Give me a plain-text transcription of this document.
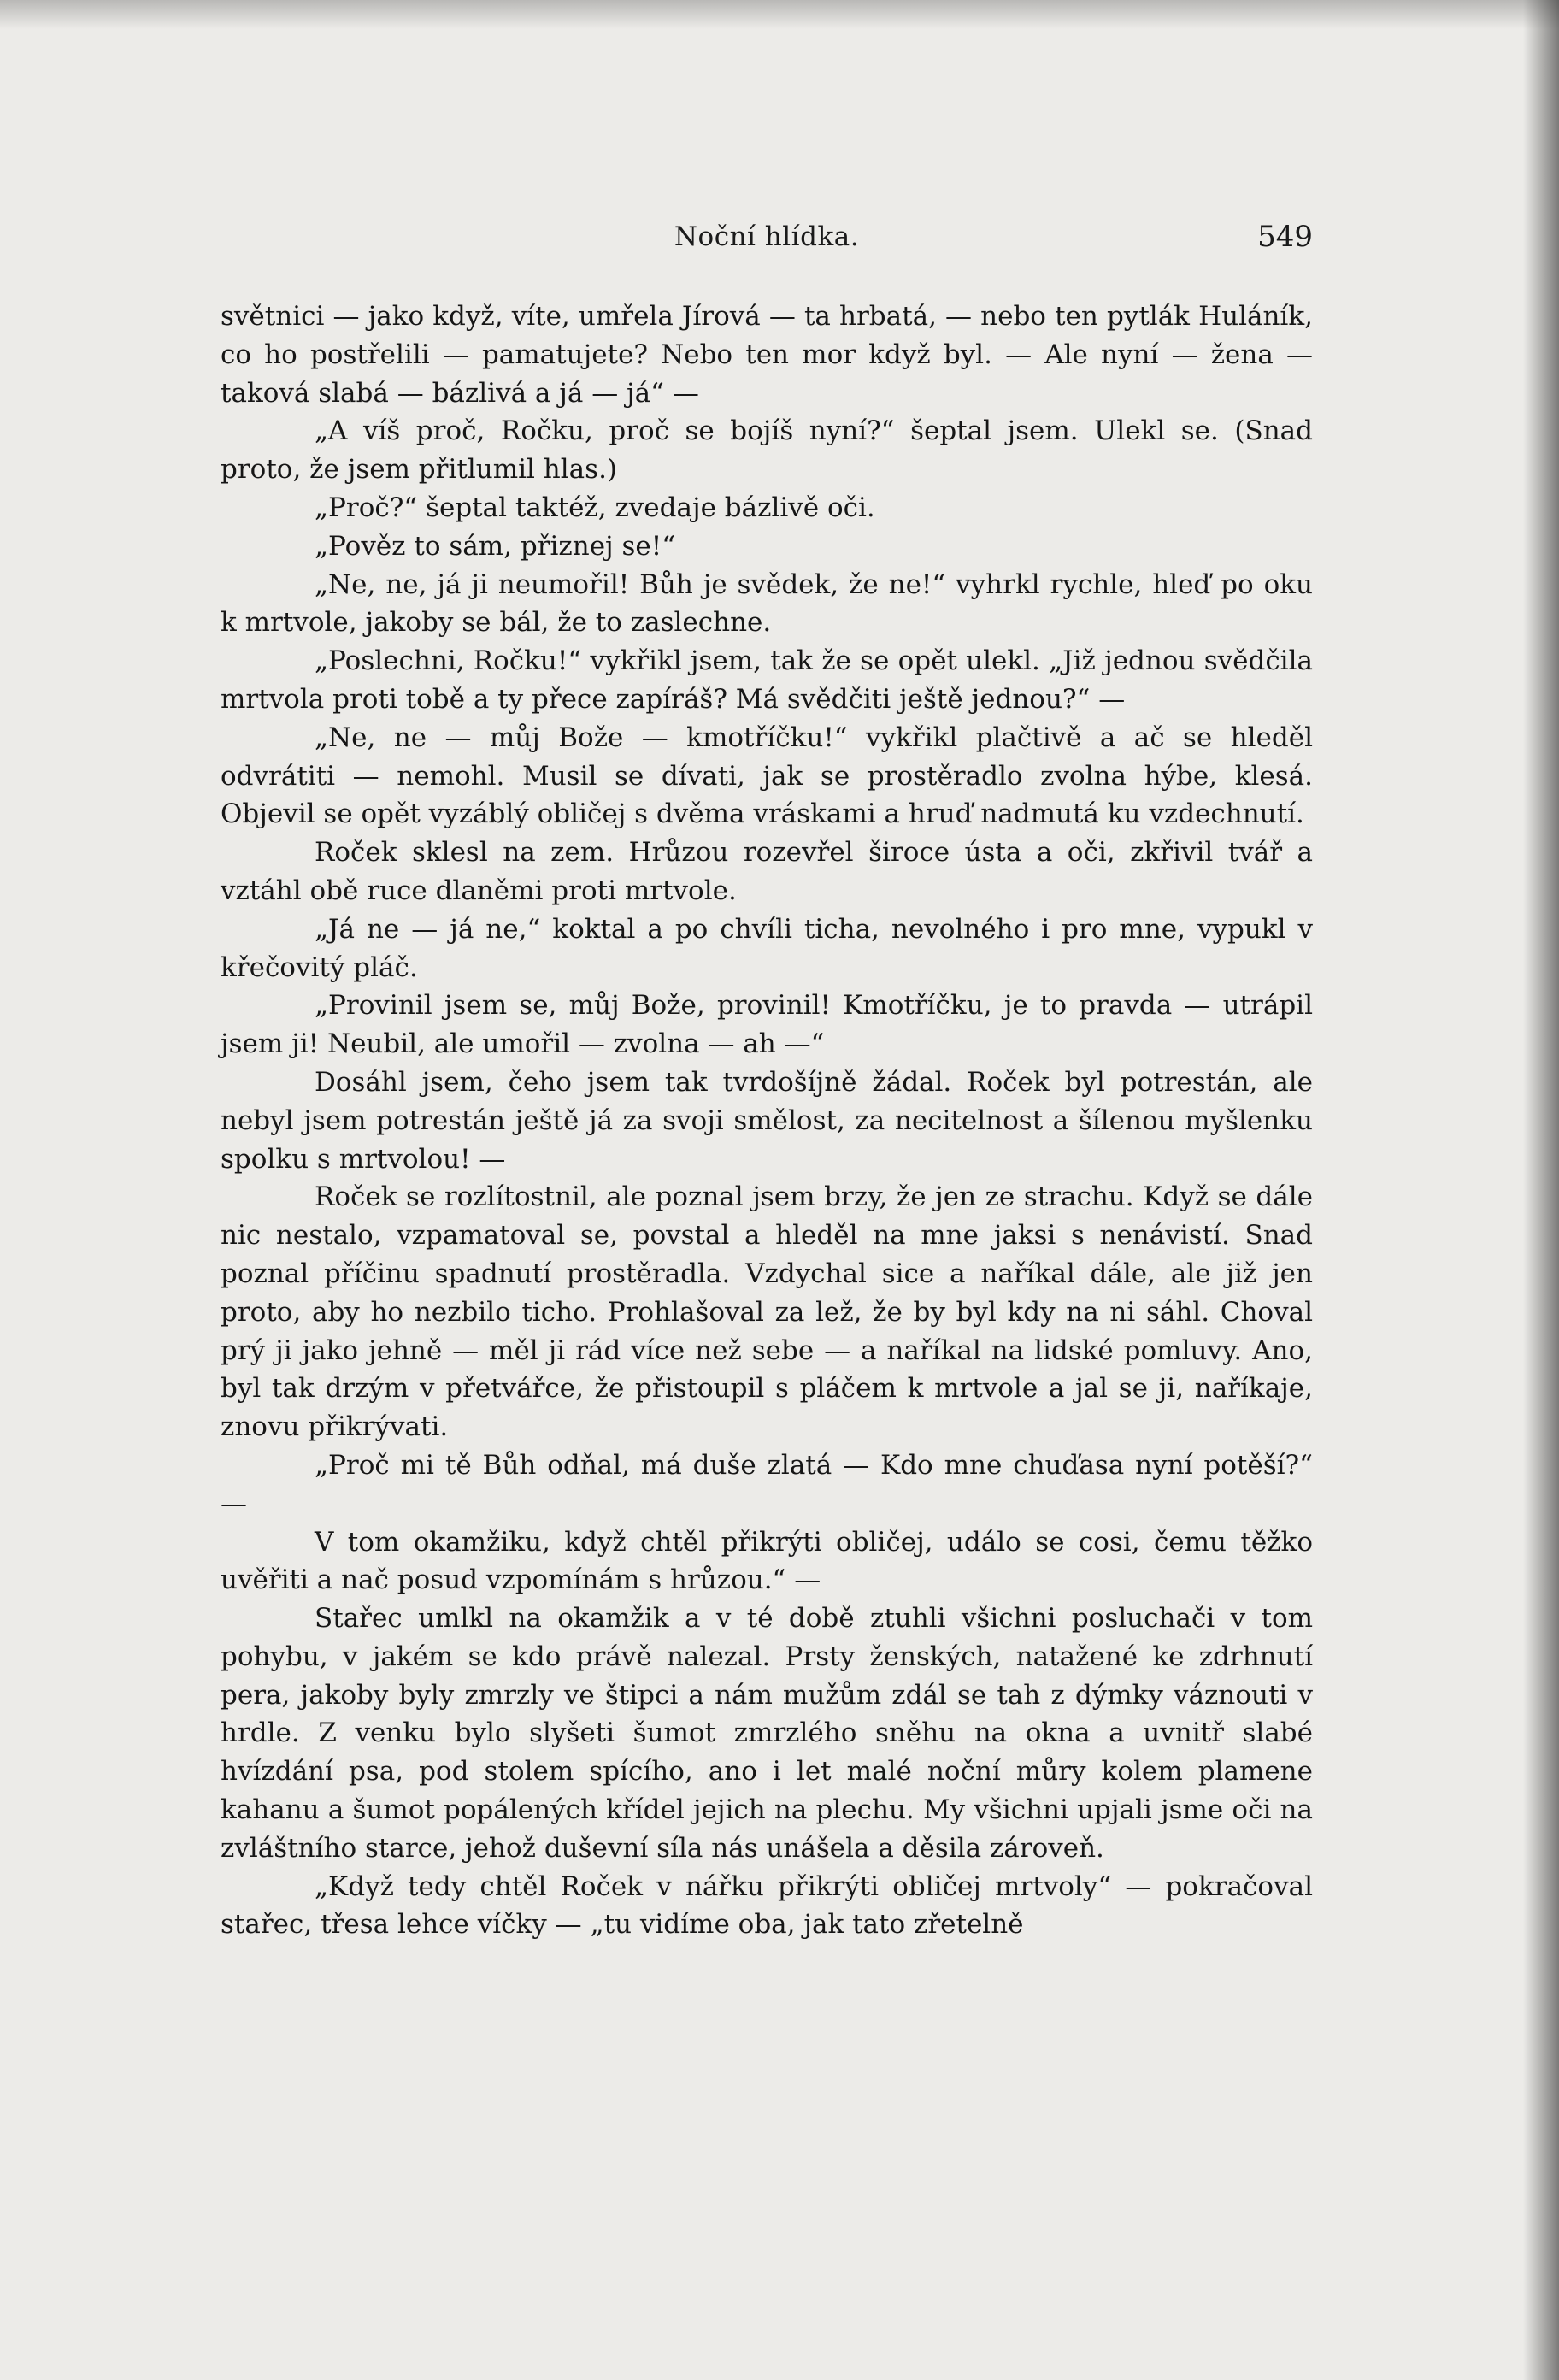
Noční hlídka.	549

světnici — jako když, víte, umřela Jírová — ta hrbatá, — nebo ten pytlák Huláník, co ho postřelili — pamatujete? Nebo ten mor když byl. — Ale nyní — žena — taková slabá — bázlivá a já — já“ —

„A víš proč, Ročku, proč se bojíš nyní?“ šeptal jsem. Ulekl se. (Snad proto, že jsem přitlumil hlas.)

„Proč?“ šeptal taktéž, zvedaje bázlivě oči.

„Pověz to sám, přiznej se!“

„Ne, ne, já ji neumořil! Bůh je svědek, že ne!“ vyhrkl rychle, hleď po oku k mrtvole, jakoby se bál, že to zaslechne.

„Poslechni, Ročku!“ vykřikl jsem, tak že se opět ulekl. „Již jednou svědčila mrtvola proti tobě a ty přece zapíráš? Má svědčiti ještě jednou?“ —

„Ne, ne — můj Bože — kmotříčku!“ vykřikl plačtivě a ač se hleděl odvrátiti — nemohl. Musil se dívati, jak se prostěradlo zvolna hýbe, klesá. Objevil se opět vyzáblý obličej s dvěma vráskami a hruď nadmutá ku vzdechnutí.

Roček sklesl na zem. Hrůzou rozevřel široce ústa a oči, zkřivil tvář a vztáhl obě ruce dlaněmi proti mrtvole.

„Já ne — já ne,“ koktal a po chvíli ticha, nevolného i pro mne, vypukl v křečovitý pláč.

„Provinil jsem se, můj Bože, provinil! Kmotříčku, je to pravda — utrápil jsem ji! Neubil, ale umořil — zvolna — ah —“

Dosáhl jsem, čeho jsem tak tvrdošíjně žádal. Roček byl potrestán, ale nebyl jsem potrestán ještě já za svoji smělost, za necitelnost a šílenou myšlenku spolku s mrtvolou! —

Roček se rozlítostnil, ale poznal jsem brzy, že jen ze strachu. Když se dále nic nestalo, vzpamatoval se, povstal a hleděl na mne jaksi s nenávistí. Snad poznal příčinu spadnutí prostěradla. Vzdychal sice a naříkal dále, ale již jen proto, aby ho nezbilo ticho. Prohlašoval za lež, že by byl kdy na ni sáhl. Choval prý ji jako jehně — měl ji rád více než sebe — a naříkal na lidské pomluvy. Ano, byl tak drzým v přetvářce, že přistoupil s pláčem k mrtvole a jal se ji, naříkaje, znovu přikrývati.

„Proč mi tě Bůh odňal, má duše zlatá — Kdo mne chuďasa nyní potěší?“ —

V tom okamžiku, když chtěl přikrýti obličej, událo se cosi, čemu těžko uvěřiti a nač posud vzpomínám s hrůzou.“ —

Stařec umlkl na okamžik a v té době ztuhli všichni posluchači v tom pohybu, v jakém se kdo právě nalezal. Prsty ženských, natažené ke zdrhnutí pera, jakoby byly zmrzly ve štipci a nám mužům zdál se tah z dýmky váznouti v hrdle. Z venku bylo slyšeti šumot zmrzlého sněhu na okna a uvnitř slabé hvízdání psa, pod stolem spícího, ano i let malé noční můry kolem plamene kahanu a šumot popálených křídel jejich na plechu. My všichni upjali jsme oči na zvláštního starce, jehož duševní síla nás unášela a děsila zároveň.

„Když tedy chtěl Roček v nářku přikrýti obličej mrtvoly“ — pokračoval stařec, třesa lehce víčky — „tu vidíme oba, jak tato zřetelně
